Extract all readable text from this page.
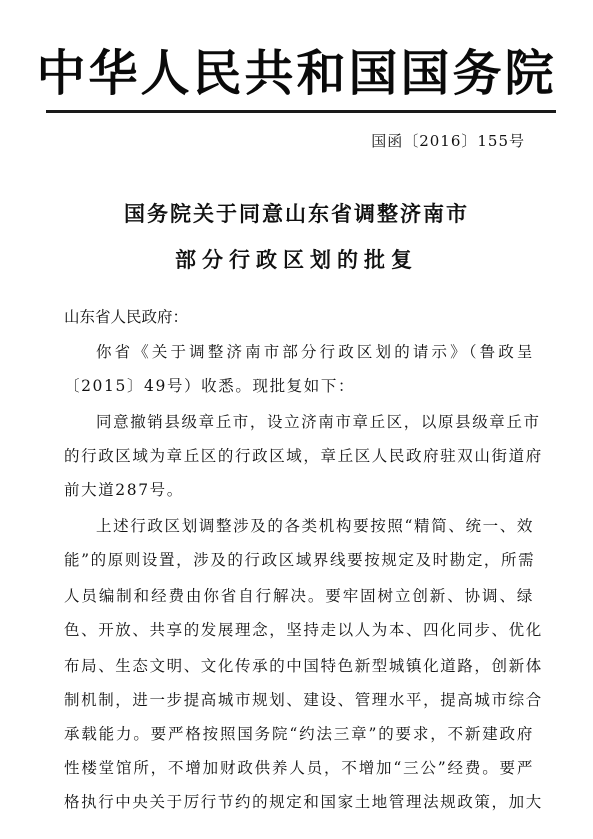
中华人民共和国国务院
国函〔2016〕155号
国务院关于同意山东省调整济南市
部分行政区划的批复
山东省人民政府：
你省《关于调整济南市部分行政区划的请示》（鲁政呈
〔2015〕49号）收悉。现批复如下：
同意撤销县级章丘市，设立济南市章丘区，以原县级章丘市
的行政区域为章丘区的行政区域，章丘区人民政府驻双山街道府
前大道287号。
上述行政区划调整涉及的各类机构要按照“精简、统一、效
能”的原则设置，涉及的行政区域界线要按规定及时勘定，所需
人员编制和经费由你省自行解决。要牢固树立创新、协调、绿
色、开放、共享的发展理念，坚持走以人为本、四化同步、优化
布局、生态文明、文化传承的中国特色新型城镇化道路，创新体
制机制，进一步提高城市规划、建设、管理水平，提高城市综合
承载能力。要严格按照国务院“约法三章”的要求，不新建政府
性楼堂馆所，不增加财政供养人员，不增加“三公”经费。要严
格执行中央关于厉行节约的规定和国家土地管理法规政策，加大
